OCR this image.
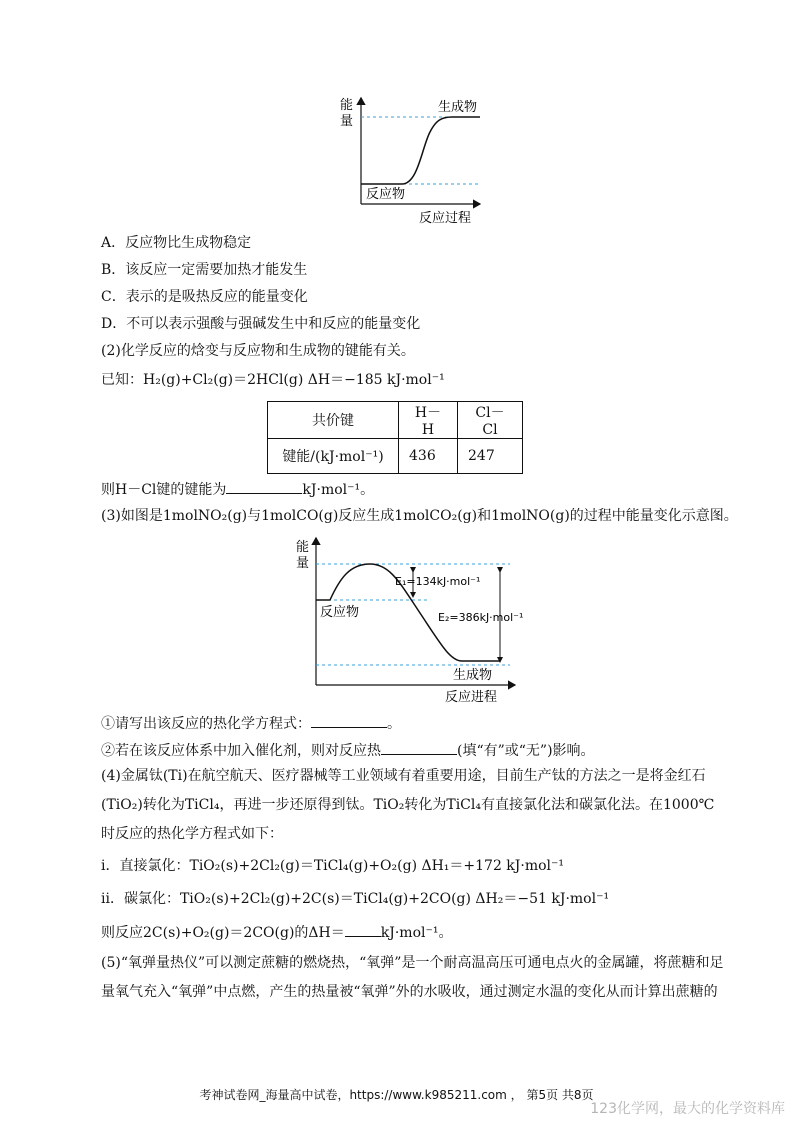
能
量
生成物
反应物
反应过程
A．反应物比生成物稳定
B．该反应一定需要加热才能发生
C．表示的是吸热反应的能量变化
D．不可以表示强酸与强碱发生中和反应的能量变化
(2)化学反应的焓变与反应物和生成物的键能有关。
已知：H₂(g)+Cl₂(g)＝2HCl(g) ΔH＝−185 kJ·mol⁻¹
共价键	H－H	Cl－Cl
键能/(kJ·mol⁻¹)	436	247
则H－Cl键的键能为	kJ·mol⁻¹。
(3)如图是1molNO₂(g)与1molCO(g)反应生成1molCO₂(g)和1molNO(g)的过程中能量变化示意图。
能
量
反应物
E₁=134kJ·mol⁻¹
E₂=386kJ·mol⁻¹
生成物
反应进程
①请写出该反应的热化学方程式：	。
②若在该反应体系中加入催化剂，则对反应热	(填“有”或“无”)影响。
(4)金属钛(Ti)在航空航天、医疗器械等工业领域有着重要用途，目前生产钛的方法之一是将金红石
(TiO₂)转化为TiCl₄，再进一步还原得到钛。TiO₂转化为TiCl₄有直接氯化法和碳氯化法。在1000℃
时反应的热化学方程式如下：
i．直接氯化：TiO₂(s)+2Cl₂(g)＝TiCl₄(g)+O₂(g) ΔH₁＝+172 kJ·mol⁻¹
ii．碳氯化：TiO₂(s)+2Cl₂(g)+2C(s)＝TiCl₄(g)+2CO(g) ΔH₂＝−51 kJ·mol⁻¹
则反应2C(s)+O₂(g)＝2CO(g)的ΔH＝	kJ·mol⁻¹。
(5)“氧弹量热仪”可以测定蔗糖的燃烧热，“氧弹”是一个耐高温高压可通电点火的金属罐，将蔗糖和足
量氧气充入“氧弹”中点燃，产生的热量被“氧弹”外的水吸收，通过测定水温的变化从而计算出蔗糖的
考神试卷网_海量高中试卷，https://www.k985211.com ， 第5页 共8页
123化学网，最大的化学资料库
